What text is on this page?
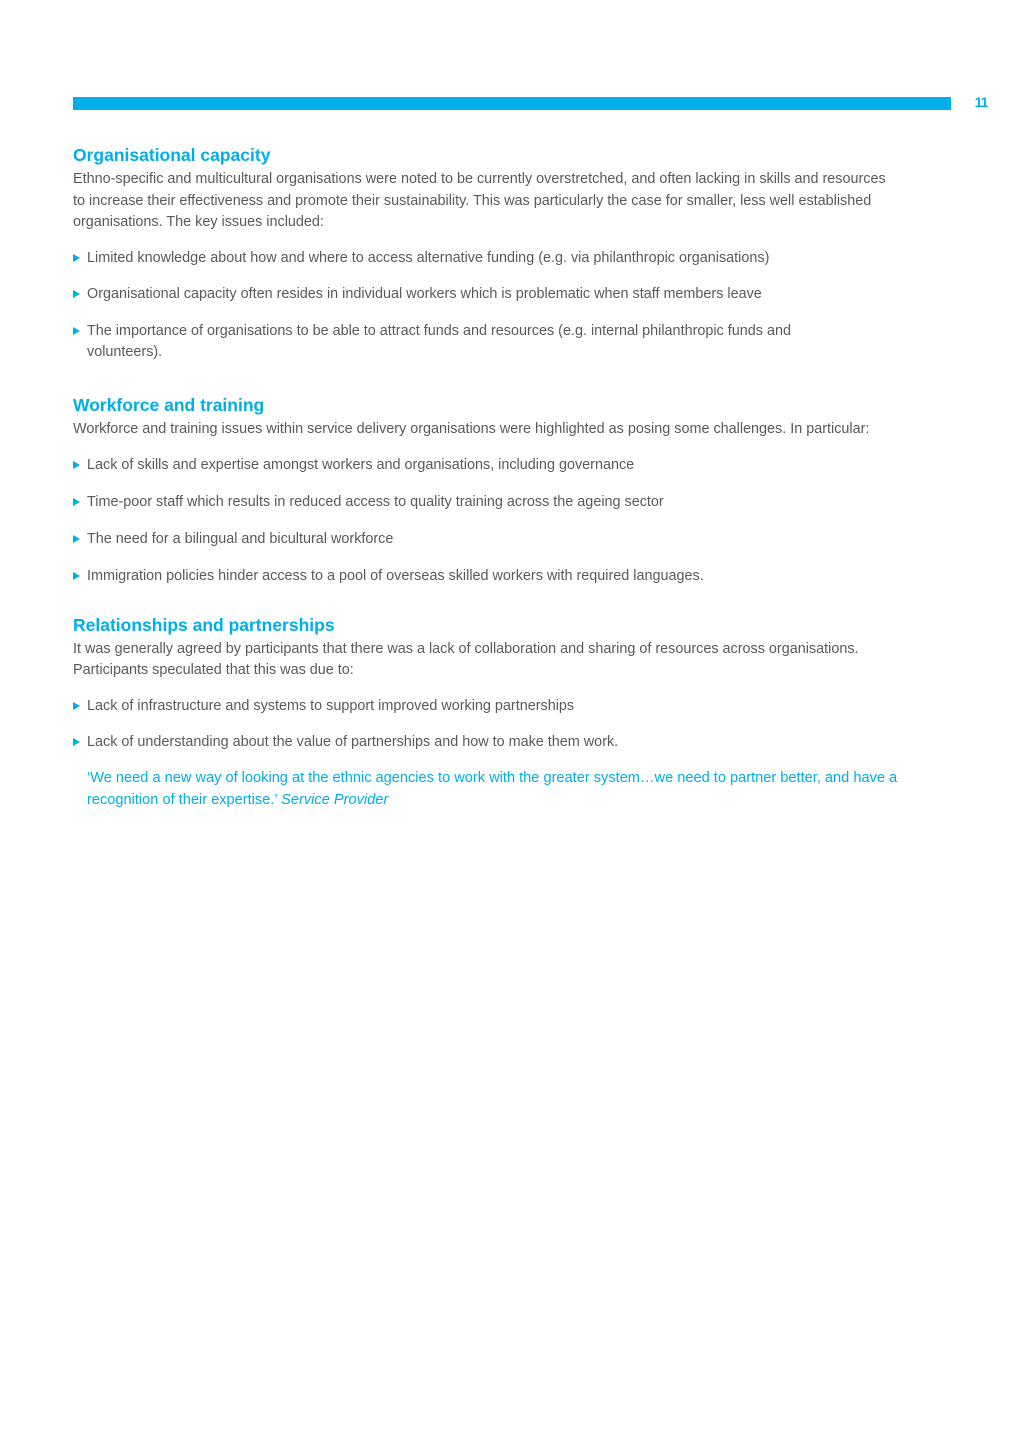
11
Organisational capacity

Ethno-specific and multicultural organisations were noted to be currently overstretched, and often lacking in skills and resources to increase their effectiveness and promote their sustainability. This was particularly the case for smaller, less well established organisations. The key issues included:

Limited knowledge about how and where to access alternative funding (e.g. via philanthropic organisations)
Organisational capacity often resides in individual workers which is problematic when staff members leave
The importance of organisations to be able to attract funds and resources (e.g. internal philanthropic funds and volunteers).
Workforce and training

Workforce and training issues within service delivery organisations were highlighted as posing some challenges. In particular:

Lack of skills and expertise amongst workers and organisations, including governance
Time-poor staff which results in reduced access to quality training across the ageing sector
The need for a bilingual and bicultural workforce
Immigration policies hinder access to a pool of overseas skilled workers with required languages.
Relationships and partnerships

It was generally agreed by participants that there was a lack of collaboration and sharing of resources across organisations. Participants speculated that this was due to:

Lack of infrastructure and systems to support improved working partnerships
Lack of understanding about the value of partnerships and how to make them work.

‘We need a new way of looking at the ethnic agencies to work with the greater system…we need to partner better, and have a recognition of their expertise.’ Service Provider
